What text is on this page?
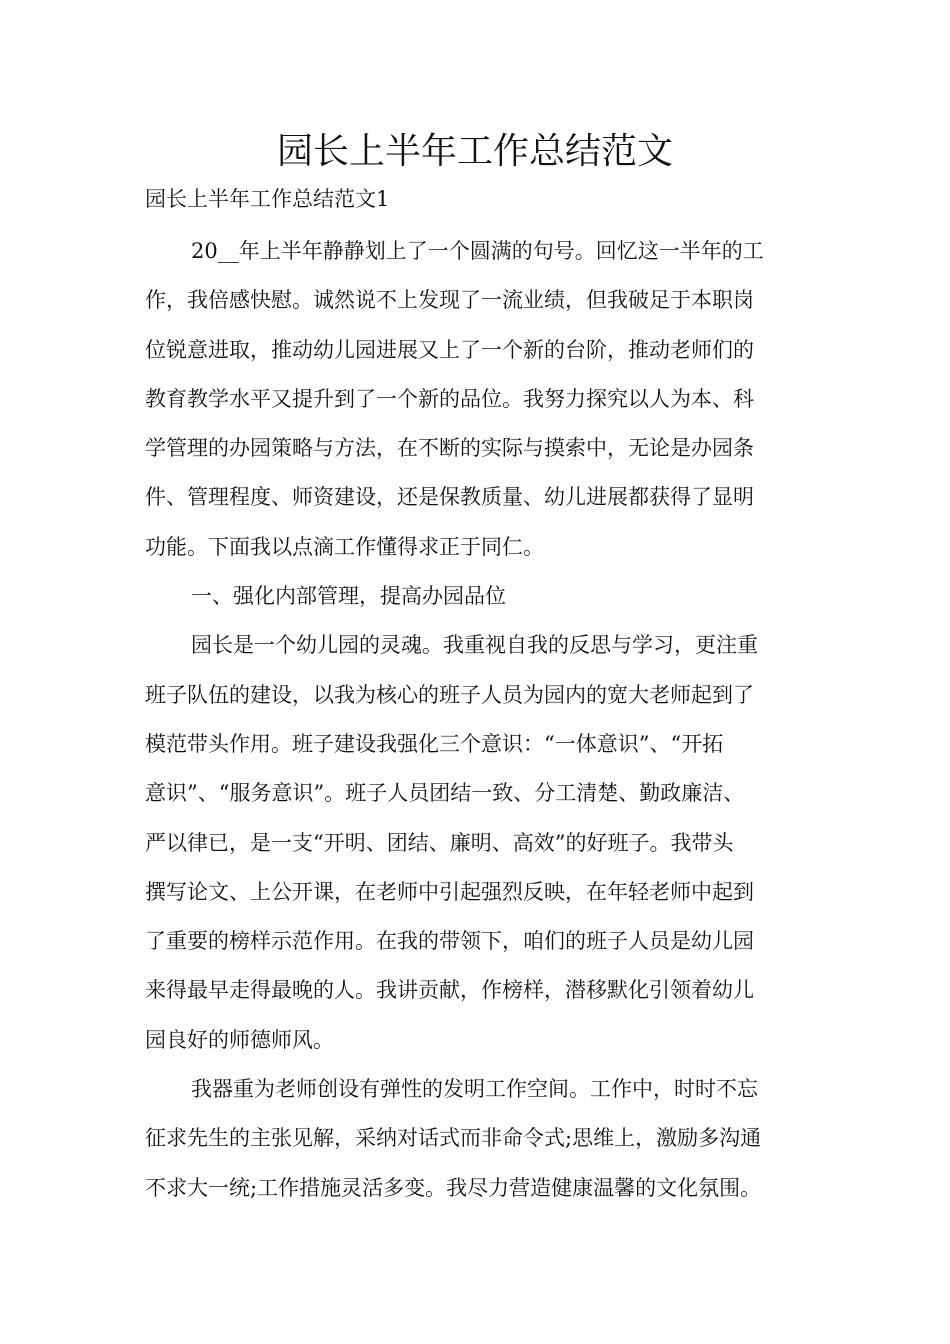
园长上半年工作总结范文

园长上半年工作总结范文1

20__年上半年静静划上了一个圆满的句号。回忆这一半年的工

作，我倍感快慰。诚然说不上发现了一流业绩，但我破足于本职岗

位锐意进取，推动幼儿园进展又上了一个新的台阶，推动老师们的

教育教学水平又提升到了一个新的品位。我努力探究以人为本、科

学管理的办园策略与方法，在不断的实际与摸索中，无论是办园条

件、管理程度、师资建设，还是保教质量、幼儿进展都获得了显明

功能。下面我以点滴工作懂得求正于同仁。

一、强化内部管理，提高办园品位

园长是一个幼儿园的灵魂。我重视自我的反思与学习，更注重

班子队伍的建设，以我为核心的班子人员为园内的宽大老师起到了

模范带头作用。班子建设我强化三个意识：“一体意识”、“开拓

意识”、“服务意识”。班子人员团结一致、分工清楚、勤政廉洁、

严以律已，是一支“开明、团结、廉明、高效”的好班子。我带头

撰写论文、上公开课，在老师中引起强烈反映，在年轻老师中起到

了重要的榜样示范作用。在我的带领下，咱们的班子人员是幼儿园

来得最早走得最晚的人。我讲贡献，作榜样，潜移默化引领着幼儿

园良好的师德师风。

我器重为老师创设有弹性的发明工作空间。工作中，时时不忘

征求先生的主张见解，采纳对话式而非命令式;思维上，激励多沟通

不求大一统;工作措施灵活多变。我尽力营造健康温馨的文化氛围。
